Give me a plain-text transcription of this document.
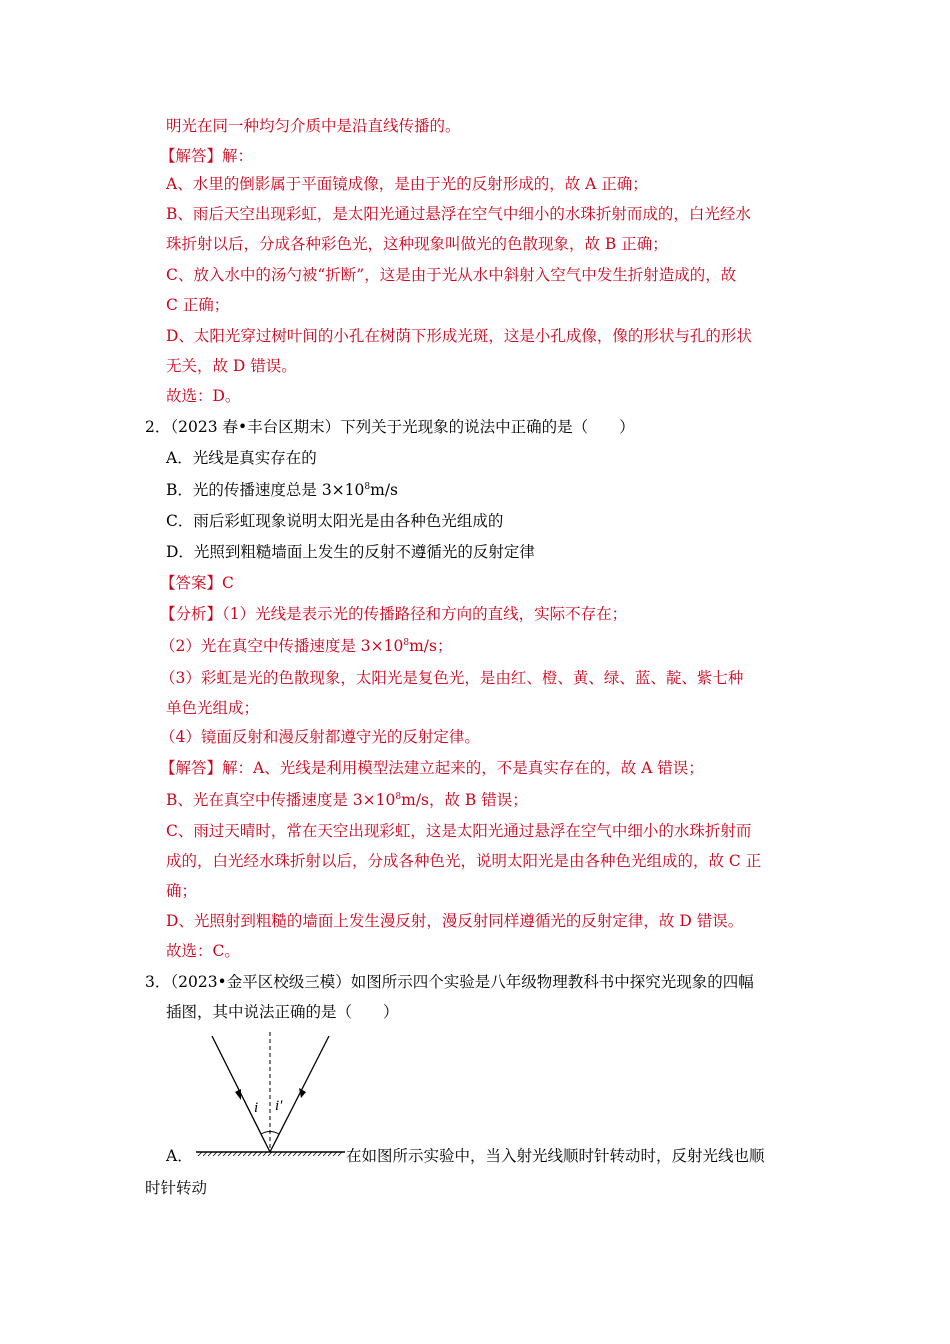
明光在同一种均匀介质中是沿直线传播的。
【解答】解：
A、水里的倒影属于平面镜成像，是由于光的反射形成的，故 A 正确；
B、雨后天空出现彩虹，是太阳光通过悬浮在空气中细小的水珠折射而成的，白光经水
珠折射以后，分成各种彩色光，这种现象叫做光的色散现象，故 B 正确；
C、放入水中的汤勺被“折断”，这是由于光从水中斜射入空气中发生折射造成的，故
C 正确；
D、太阳光穿过树叶间的小孔在树荫下形成光斑，这是小孔成像，像的形状与孔的形状
无关，故 D 错误。
故选：D。
2．（2023 春•丰台区期末）下列关于光现象的说法中正确的是（　　）
A．光线是真实存在的
B．光的传播速度总是 $3\times 10^8m/s$
C．雨后彩虹现象说明太阳光是由各种色光组成的
D．光照到粗糙墙面上发生的反射不遵循光的反射定律
【答案】C
【分析】（1）光线是表示光的传播路径和方向的直线，实际不存在；
（2）光在真空中传播速度是 $3\times 10^8m/s$；
（3）彩虹是光的色散现象，太阳光是复色光，是由红、橙、黄、绿、蓝、靛、紫七种
单色光组成；
（4）镜面反射和漫反射都遵守光的反射定律。
【解答】解：A、光线是利用模型法建立起来的，不是真实存在的，故 A 错误；
B、光在真空中传播速度是 $3\times 10^8m/s$，故 B 错误；
C、雨过天晴时，常在天空出现彩虹，这是太阳光通过悬浮在空气中细小的水珠折射而
成的，白光经水珠折射以后，分成各种色光，说明太阳光是由各种色光组成的，故 C 正
确；
D、光照射到粗糙的墙面上发生漫反射，漫反射同样遵循光的反射定律，故 D 错误。
故选：C。
3．（2023•金平区校级三模）如图所示四个实验是八年级物理教科书中探究光现象的四幅
插图，其中说法正确的是（　　）
i i′
A．	在如图所示实验中，当入射光线顺时针转动时，反射光线也顺
时针转动
